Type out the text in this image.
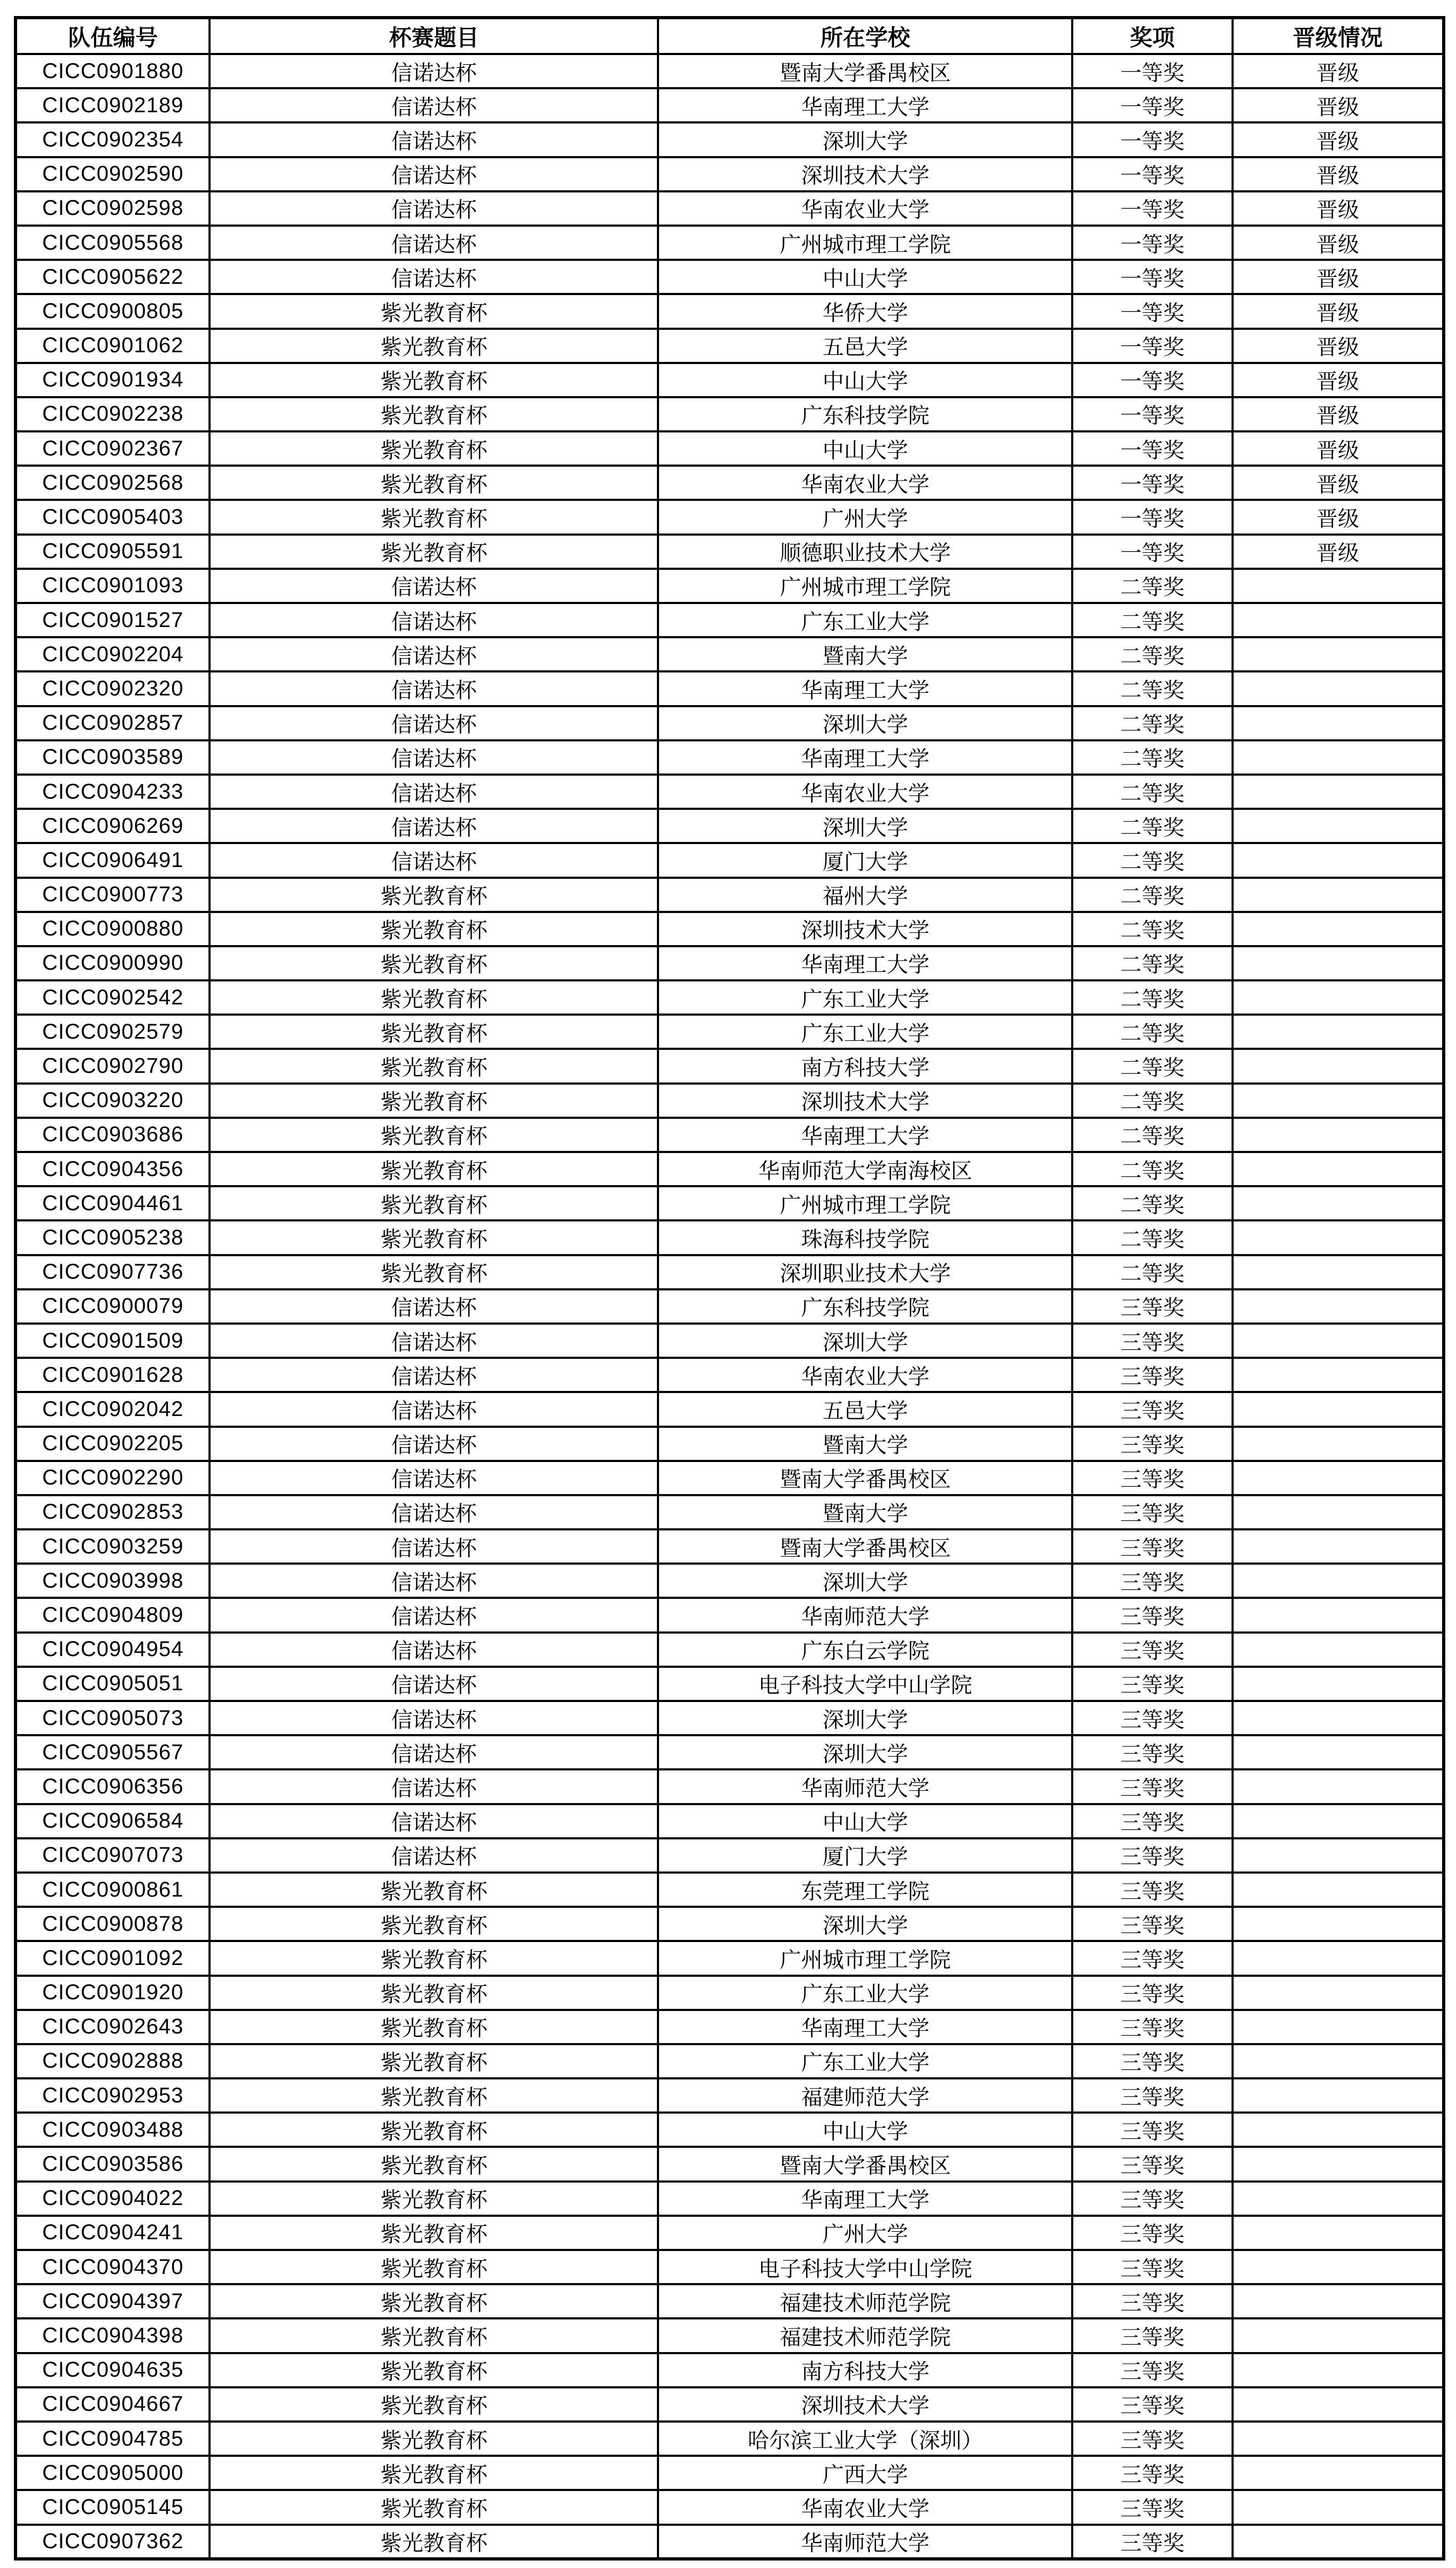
队伍编号	杯赛题目	所在学校	奖项	晋级情况
CICC0901880	信诺达杯	暨南大学番禺校区	一等奖	晋级
CICC0902189	信诺达杯	华南理工大学	一等奖	晋级
CICC0902354	信诺达杯	深圳大学	一等奖	晋级
CICC0902590	信诺达杯	深圳技术大学	一等奖	晋级
CICC0902598	信诺达杯	华南农业大学	一等奖	晋级
CICC0905568	信诺达杯	广州城市理工学院	一等奖	晋级
CICC0905622	信诺达杯	中山大学	一等奖	晋级
CICC0900805	紫光教育杯	华侨大学	一等奖	晋级
CICC0901062	紫光教育杯	五邑大学	一等奖	晋级
CICC0901934	紫光教育杯	中山大学	一等奖	晋级
CICC0902238	紫光教育杯	广东科技学院	一等奖	晋级
CICC0902367	紫光教育杯	中山大学	一等奖	晋级
CICC0902568	紫光教育杯	华南农业大学	一等奖	晋级
CICC0905403	紫光教育杯	广州大学	一等奖	晋级
CICC0905591	紫光教育杯	顺德职业技术大学	一等奖	晋级
CICC0901093	信诺达杯	广州城市理工学院	二等奖	
CICC0901527	信诺达杯	广东工业大学	二等奖	
CICC0902204	信诺达杯	暨南大学	二等奖	
CICC0902320	信诺达杯	华南理工大学	二等奖	
CICC0902857	信诺达杯	深圳大学	二等奖	
CICC0903589	信诺达杯	华南理工大学	二等奖	
CICC0904233	信诺达杯	华南农业大学	二等奖	
CICC0906269	信诺达杯	深圳大学	二等奖	
CICC0906491	信诺达杯	厦门大学	二等奖	
CICC0900773	紫光教育杯	福州大学	二等奖	
CICC0900880	紫光教育杯	深圳技术大学	二等奖	
CICC0900990	紫光教育杯	华南理工大学	二等奖	
CICC0902542	紫光教育杯	广东工业大学	二等奖	
CICC0902579	紫光教育杯	广东工业大学	二等奖	
CICC0902790	紫光教育杯	南方科技大学	二等奖	
CICC0903220	紫光教育杯	深圳技术大学	二等奖	
CICC0903686	紫光教育杯	华南理工大学	二等奖	
CICC0904356	紫光教育杯	华南师范大学南海校区	二等奖	
CICC0904461	紫光教育杯	广州城市理工学院	二等奖	
CICC0905238	紫光教育杯	珠海科技学院	二等奖	
CICC0907736	紫光教育杯	深圳职业技术大学	二等奖	
CICC0900079	信诺达杯	广东科技学院	三等奖	
CICC0901509	信诺达杯	深圳大学	三等奖	
CICC0901628	信诺达杯	华南农业大学	三等奖	
CICC0902042	信诺达杯	五邑大学	三等奖	
CICC0902205	信诺达杯	暨南大学	三等奖	
CICC0902290	信诺达杯	暨南大学番禺校区	三等奖	
CICC0902853	信诺达杯	暨南大学	三等奖	
CICC0903259	信诺达杯	暨南大学番禺校区	三等奖	
CICC0903998	信诺达杯	深圳大学	三等奖	
CICC0904809	信诺达杯	华南师范大学	三等奖	
CICC0904954	信诺达杯	广东白云学院	三等奖	
CICC0905051	信诺达杯	电子科技大学中山学院	三等奖	
CICC0905073	信诺达杯	深圳大学	三等奖	
CICC0905567	信诺达杯	深圳大学	三等奖	
CICC0906356	信诺达杯	华南师范大学	三等奖	
CICC0906584	信诺达杯	中山大学	三等奖	
CICC0907073	信诺达杯	厦门大学	三等奖	
CICC0900861	紫光教育杯	东莞理工学院	三等奖	
CICC0900878	紫光教育杯	深圳大学	三等奖	
CICC0901092	紫光教育杯	广州城市理工学院	三等奖	
CICC0901920	紫光教育杯	广东工业大学	三等奖	
CICC0902643	紫光教育杯	华南理工大学	三等奖	
CICC0902888	紫光教育杯	广东工业大学	三等奖	
CICC0902953	紫光教育杯	福建师范大学	三等奖	
CICC0903488	紫光教育杯	中山大学	三等奖	
CICC0903586	紫光教育杯	暨南大学番禺校区	三等奖	
CICC0904022	紫光教育杯	华南理工大学	三等奖	
CICC0904241	紫光教育杯	广州大学	三等奖	
CICC0904370	紫光教育杯	电子科技大学中山学院	三等奖	
CICC0904397	紫光教育杯	福建技术师范学院	三等奖	
CICC0904398	紫光教育杯	福建技术师范学院	三等奖	
CICC0904635	紫光教育杯	南方科技大学	三等奖	
CICC0904667	紫光教育杯	深圳技术大学	三等奖	
CICC0904785	紫光教育杯	哈尔滨工业大学（深圳）	三等奖	
CICC0905000	紫光教育杯	广西大学	三等奖	
CICC0905145	紫光教育杯	华南农业大学	三等奖	
CICC0907362	紫光教育杯	华南师范大学	三等奖	
